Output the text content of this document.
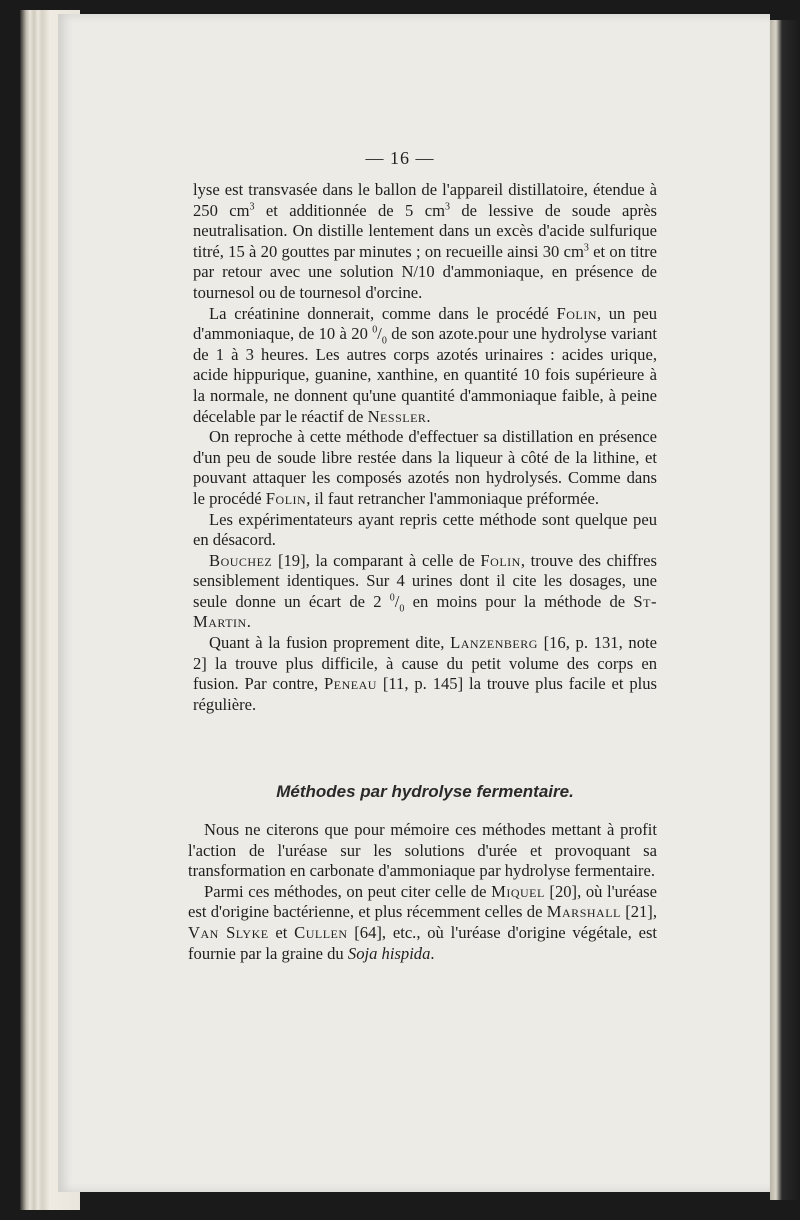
— 16 —

lyse est transvasée dans le ballon de l'appareil distillatoire, étendue à 250 $cm^3$ et additionnée de 5 $cm^3$ de lessive de soude après neutralisation. On distille lentement dans un excès d'acide sulfurique titré, 15 à 20 gouttes par minutes ; on recueille ainsi 30 $cm^3$ et on titre par retour avec une solution N/10 d'ammoniaque, en présence de tournesol ou de tournesol d'orcine.

La créatinine donnerait, comme dans le procédé Folin, un peu d'ammoniaque, de 10 à 20 $^0/_0$ de son azote.pour une hydrolyse variant de 1 à 3 heures. Les autres corps azotés urinaires : acides urique, acide hippurique, guanine, xanthine, en quantité 10 fois supérieure à la normale, ne donnent qu'une quantité d'ammoniaque faible, à peine décelable par le réactif de Nessler.

On reproche à cette méthode d'effectuer sa distillation en présence d'un peu de soude libre restée dans la liqueur à côté de la lithine, et pouvant attaquer les composés azotés non hydrolysés. Comme dans le procédé Folin, il faut retrancher l'ammoniaque préformée.

Les expérimentateurs ayant repris cette méthode sont quelque peu en désacord.

Bouchez [19], la comparant à celle de Folin, trouve des chiffres sensiblement identiques. Sur 4 urines dont il cite les dosages, une seule donne un écart de 2 $^0/_0$ en moins pour la méthode de St-Martin.

Quant à la fusion proprement dite, Lanzenberg [16, p. 131, note 2] la trouve plus difficile, à cause du petit volume des corps en fusion. Par contre, Peneau [11, p. 145] la trouve plus facile et plus régulière.

Méthodes par hydrolyse fermentaire.

Nous ne citerons que pour mémoire ces méthodes mettant à profit l'action de l'uréase sur les solutions d'urée et provoquant sa transformation en carbonate d'ammoniaque par hydrolyse fermentaire.

Parmi ces méthodes, on peut citer celle de Miquel [20], où l'uréase est d'origine bactérienne, et plus récemment celles de Marshall [21], Van Slyke et Cullen [64], etc., où l'uréase d'origine végétale, est fournie par la graine du Soja hispida.
